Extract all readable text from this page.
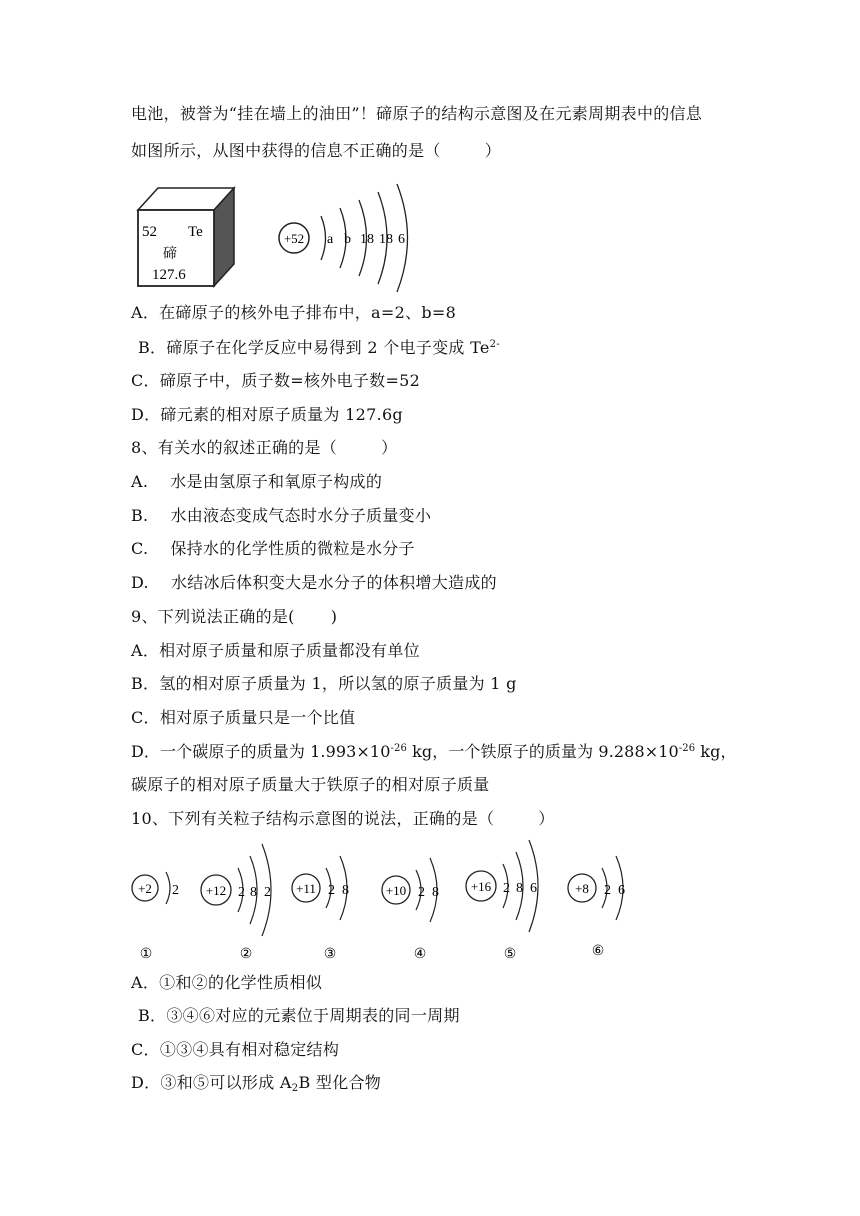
电池，被誉为“挂在墙上的油田”！碲原子的结构示意图及在元素周期表中的信息
如图所示，从图中获得的信息不正确的是（	）
52 Te
碲
127.6
+52 a b 18 18 6
A．在碲原子的核外电子排布中，a=2、b=8
B．碲原子在化学反应中易得到 2 个电子变成 $Te^{2-}$
C．碲原子中，质子数=核外电子数=52
D．碲元素的相对原子质量为 127.6g
8、有关水的叙述正确的是（	）
A. 水是由氢原子和氧原子构成的
B. 水由液态变成气态时水分子质量变小
C. 保持水的化学性质的微粒是水分子
D. 水结冰后体积变大是水分子的体积增大造成的
9、下列说法正确的是( )
A．相对原子质量和原子质量都没有单位
B．氢的相对原子质量为 1，所以氢的原子质量为 1 g
C．相对原子质量只是一个比值
D．一个碳原子的质量为 $1.993\times 10^{-26}$ kg，一个铁原子的质量为 $9.288\times 10^{-26}$ kg，
碳原子的相对原子质量大于铁原子的相对原子质量
10、下列有关粒子结构示意图的说法，正确的是（	）
+2 2
①
+12 2 8 2
②
+11 2 8
③
+10 2 8
④
+16 2 8 6
⑤
+8 2 6
⑥
A．①和②的化学性质相似
B．③④⑥对应的元素位于周期表的同一周期
C．①③④具有相对稳定结构
D．③和⑤可以形成 $A_2B$ 型化合物
